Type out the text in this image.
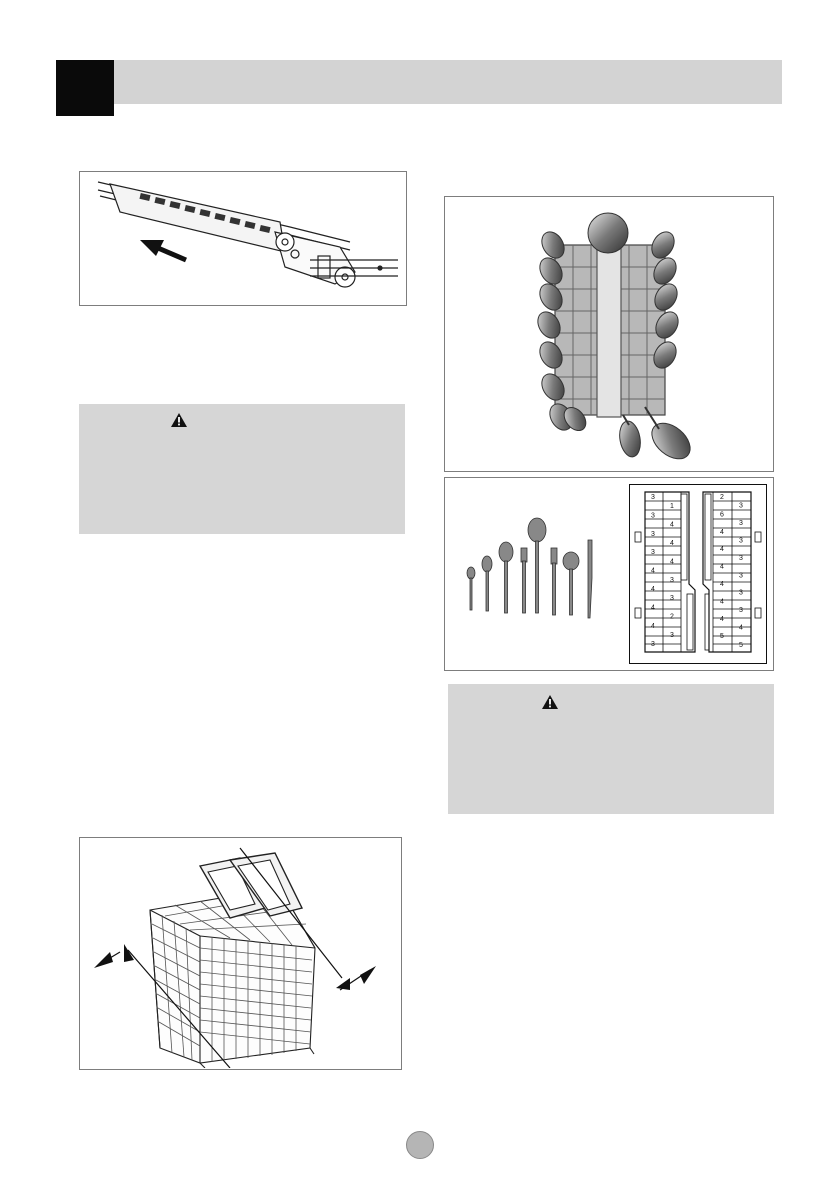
3
1
3
4
3
4
3
4
4
3
4
3
4
2
4
3
3
2
3
6
3
4
3
4
3
4
3
4
3
4
3
4
4
5
5
